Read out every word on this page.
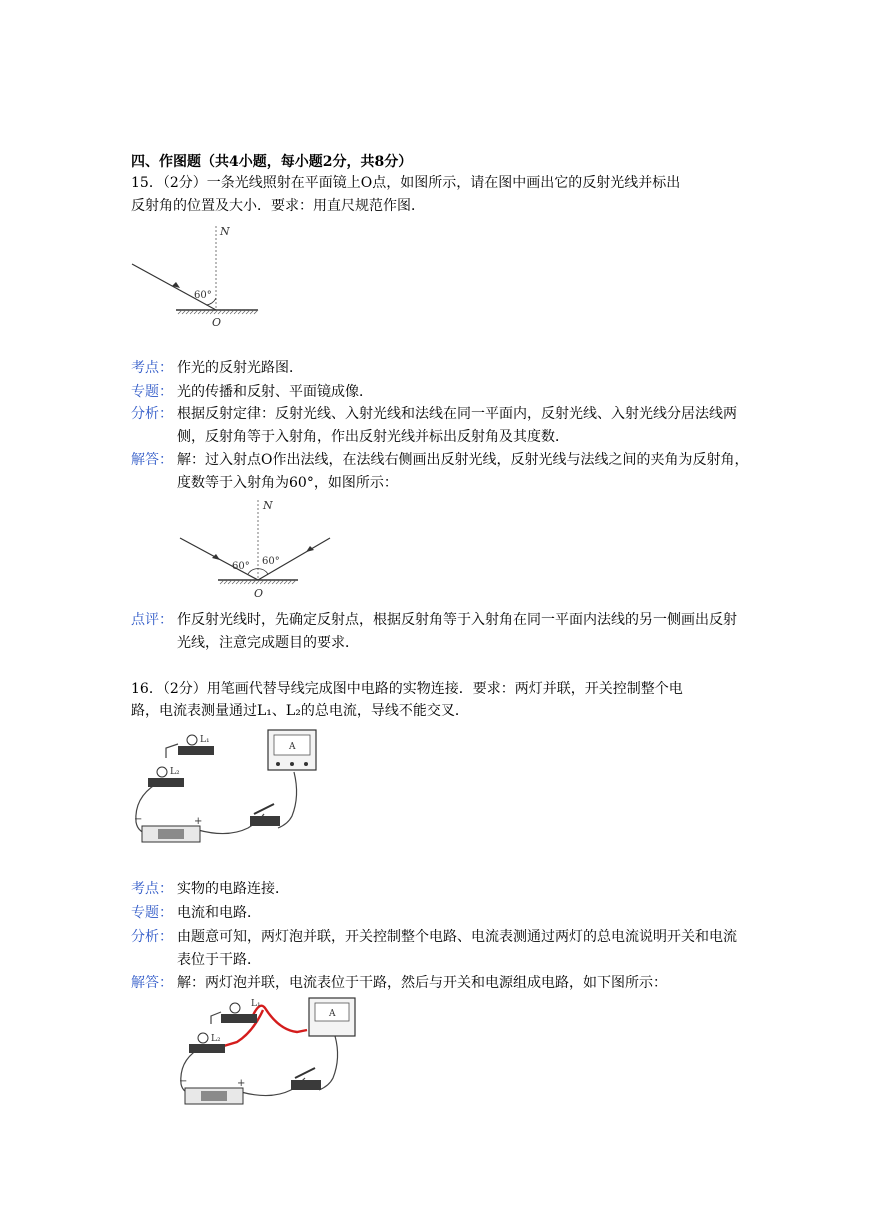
四、作图题（共4小题，每小题2分，共8分）
15．（2分）一条光线照射在平面镜上O点，如图所示，请在图中画出它的反射光线并标出
反射角的位置及大小．要求：用直尺规范作图．
N
60°
O
考点： 作光的反射光路图．
专题： 光的传播和反射、平面镜成像．
分析： 根据反射定律：反射光线、入射光线和法线在同一平面内，反射光线、入射光线分居法线两
侧，反射角等于入射角，作出反射光线并标出反射角及其度数．
解答： 解：过入射点O作出法线，在法线右侧画出反射光线，反射光线与法线之间的夹角为反射角，
度数等于入射角为60°，如图所示：
N
60° 60°
O
点评： 作反射光线时，先确定反射点，根据反射角等于入射角在同一平面内法线的另一侧画出反射
光线，注意完成题目的要求．
16．（2分）用笔画代替导线完成图中电路的实物连接．要求：两灯并联，开关控制整个电
路，电流表测量通过L₁、L₂的总电流，导线不能交叉．
L₁
L₂
A
−	+
考点： 实物的电路连接．
专题： 电流和电路．
分析： 由题意可知，两灯泡并联，开关控制整个电路、电流表测通过两灯的总电流说明开关和电流
表位于干路．
解答： 解：两灯泡并联，电流表位于干路，然后与开关和电源组成电路，如下图所示：
L₁
L₂
A
−	+
